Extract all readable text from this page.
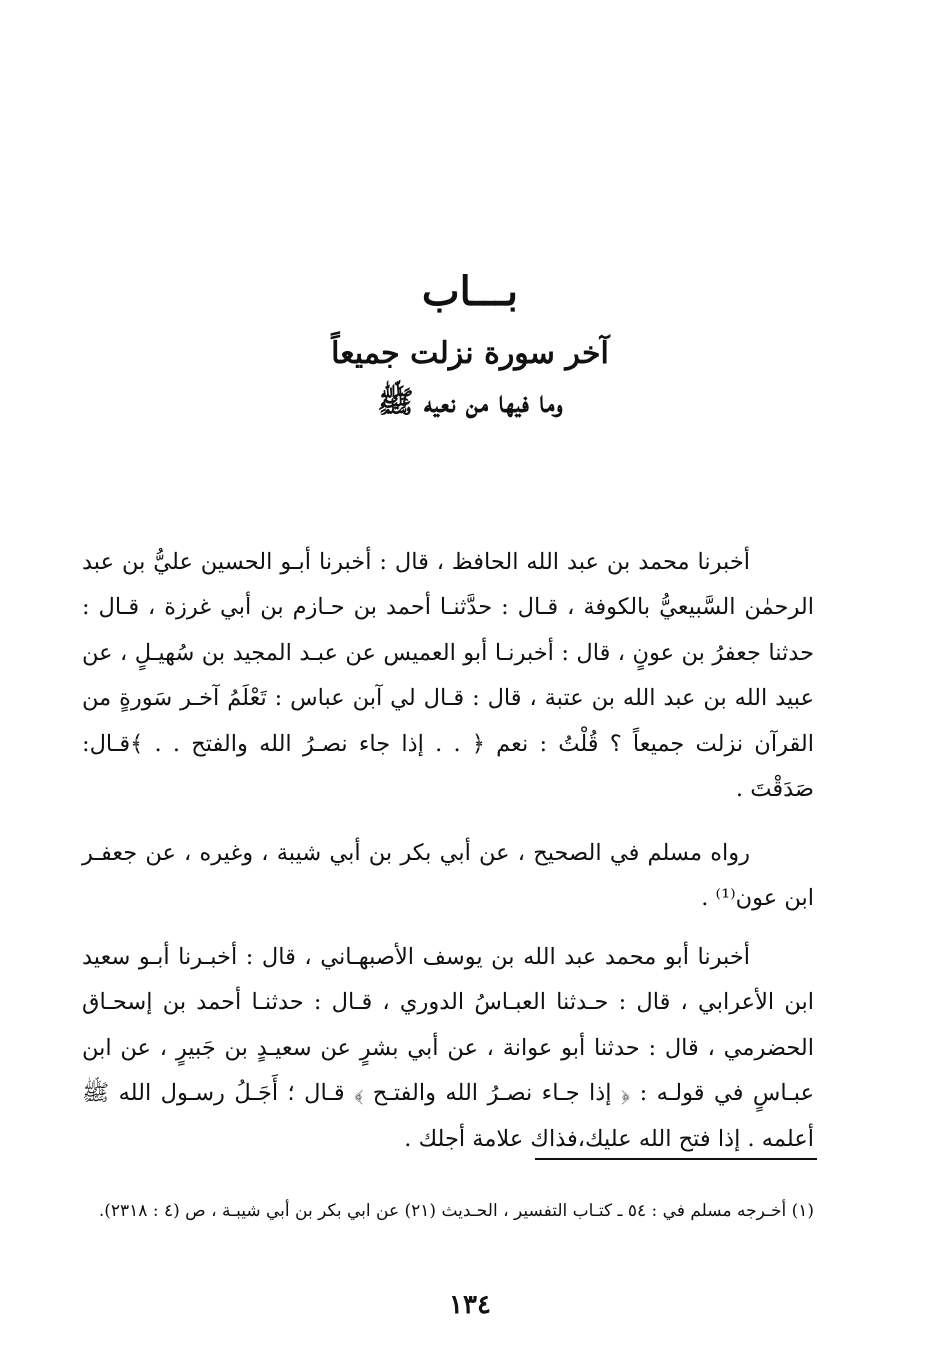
بـــاب
آخر سورة نزلت جميعاً
وما فيها من نعيه ﷺ

أخبرنا محمد بن عبد الله الحافظ ، قال : أخبرنا أبـو الحسين عليُّ بن عبد الرحمٰن السَّبيعيُّ بالكوفة ، قـال : حدَّثنـا أحمد بن حـازم بن أبي غرزة ، قـال : حدثنا جعفرُ بن عونٍ ، قال : أخبرنـا أبو العميس عن عبـد المجيد بن سُهيـلٍ ، عن عبيد الله بن عبد الله بن عتبة ، قال : قـال لي آبن عباس : تَعْلَمُ آخـر سَورةٍ من القرآن نزلت جميعاً ؟ قُلْتُ : نعم ﴿ . . إذا جاء نصـرُ الله والفتح . . ﴾قـال: صَدَقْتَ .

رواه مسلم في الصحيح ، عن أبي بكر بن أبي شيبة ، وغيره ، عن جعفـر ابن عون⁽¹⁾ .

أخبرنا أبو محمد عبد الله بن يوسف الأصبهـاني ، قال : أخبـرنا أبـو سعيد ابن الأعرابي ، قال : حـدثنا العبـاسُ الدوري ، قـال : حدثنـا أحمد بن إسحـاق الحضرمي ، قال : حدثنا أبو عوانة ، عن أبي بشرٍ عن سعيـدٍ بن جَبيرٍ ، عن ابن عبـاسٍ في قولـه : ﴿ إذا جـاء نصـرُ الله والفتـح ﴾ قـال ؛ أَجَـلُ رسـول الله ﷺ أعلمه . إذا فتح الله عليك،فذاك علامة أجلك .

(١) أخـرجه مسلم في : ٥٤ ـ كتـاب التفسير ، الحـديث (٢١) عن ابي بكر بن أبي شيبـة ، ص (٤ : ٢٣١٨).

١٣٤
